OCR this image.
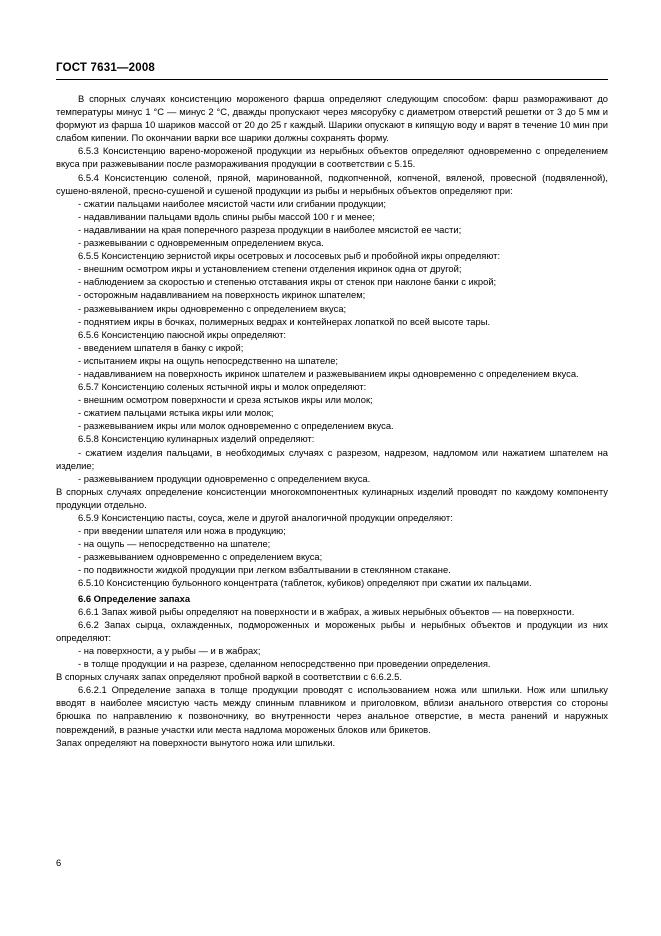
ГОСТ 7631—2008

В спорных случаях консистенцию мороженого фарша определяют следующим способом: фарш размораживают до температуры минус 1 °С — минус 2 °С, дважды пропускают через мясорубку с диаметром отверстий решетки от 3 до 5 мм и формуют из фарша 10 шариков массой от 20 до 25 г каждый. Шарики опускают в кипящую воду и варят в течение 10 мин при слабом кипении. По окончании варки все шарики должны сохранять форму.

6.5.3 Консистенцию варено-мороженой продукции из нерыбных объектов определяют одновременно с определением вкуса при разжевывании после размораживания продукции в соответствии с 5.15.

6.5.4 Консистенцию соленой, пряной, маринованной, подкопченной, копченой, вяленой, провесной (подвяленной), сушено-вяленой, пресно-сушеной и сушеной продукции из рыбы и нерыбных объектов определяют при:

- сжатии пальцами наиболее мясистой части или сгибании продукции;

- надавливании пальцами вдоль спины рыбы массой 100 г и менее;

- надавливании на края поперечного разреза продукции в наиболее мясистой ее части;

- разжевывании с одновременным определением вкуса.

6.5.5 Консистенцию зернистой икры осетровых и лососевых рыб и пробойной икры определяют:

- внешним осмотром икры и установлением степени отделения икринок одна от другой;

- наблюдением за скоростью и степенью отставания икры от стенок при наклоне банки с икрой;

- осторожным надавливанием на поверхность икринок шпателем;

- разжевыванием икры одновременно с определением вкуса;

- поднятием икры в бочках, полимерных ведрах и контейнерах лопаткой по всей высоте тары.

6.5.6 Консистенцию паюсной икры определяют:

- введением шпателя в банку с икрой;

- испытанием икры на ощупь непосредственно на шпателе;

- надавливанием на поверхность икринок шпателем и разжевыванием икры одновременно с определением вкуса.

6.5.7 Консистенцию соленых ястычной икры и молок определяют:

- внешним осмотром поверхности и среза ястыков икры или молок;

- сжатием пальцами ястыка икры или молок;

- разжевыванием икры или молок одновременно с определением вкуса.

6.5.8 Консистенцию кулинарных изделий определяют:

- сжатием изделия пальцами, в необходимых случаях с разрезом, надрезом, надломом или нажатием шпателем на изделие;

- разжевыванием продукции одновременно с определением вкуса.

В спорных случаях определение консистенции многокомпонентных кулинарных изделий проводят по каждому компоненту продукции отдельно.

6.5.9 Консистенцию пасты, соуса, желе и другой аналогичной продукции определяют:

- при введении шпателя или ножа в продукцию;

- на ощупь — непосредственно на шпателе;

- разжевыванием одновременно с определением вкуса;

- по подвижности жидкой продукции при легком взбалтывании в стеклянном стакане.

6.5.10 Консистенцию бульонного концентрата (таблеток, кубиков) определяют при сжатии их пальцами.

6.6 Определение запаха

6.6.1 Запах живой рыбы определяют на поверхности и в жабрах, а живых нерыбных объектов — на поверхности.

6.6.2 Запах сырца, охлажденных, подмороженных и мороженых рыбы и нерыбных объектов и продукции из них определяют:

- на поверхности, а у рыбы — и в жабрах;

- в толще продукции и на разрезе, сделанном непосредственно при проведении определения.

В спорных случаях запах определяют пробной варкой в соответствии с 6.6.2.5.

6.6.2.1 Определение запаха в толще продукции проводят с использованием ножа или шпильки. Нож или шпильку вводят в наиболее мясистую часть между спинным плавником и приголовком, вблизи анального отверстия со стороны брюшка по направлению к позвоночнику, во внутренности через анальное отверстие, в места ранений и наружных повреждений, в разные участки или места надлома мороженых блоков или брикетов.

Запах определяют на поверхности вынутого ножа или шпильки.

6
